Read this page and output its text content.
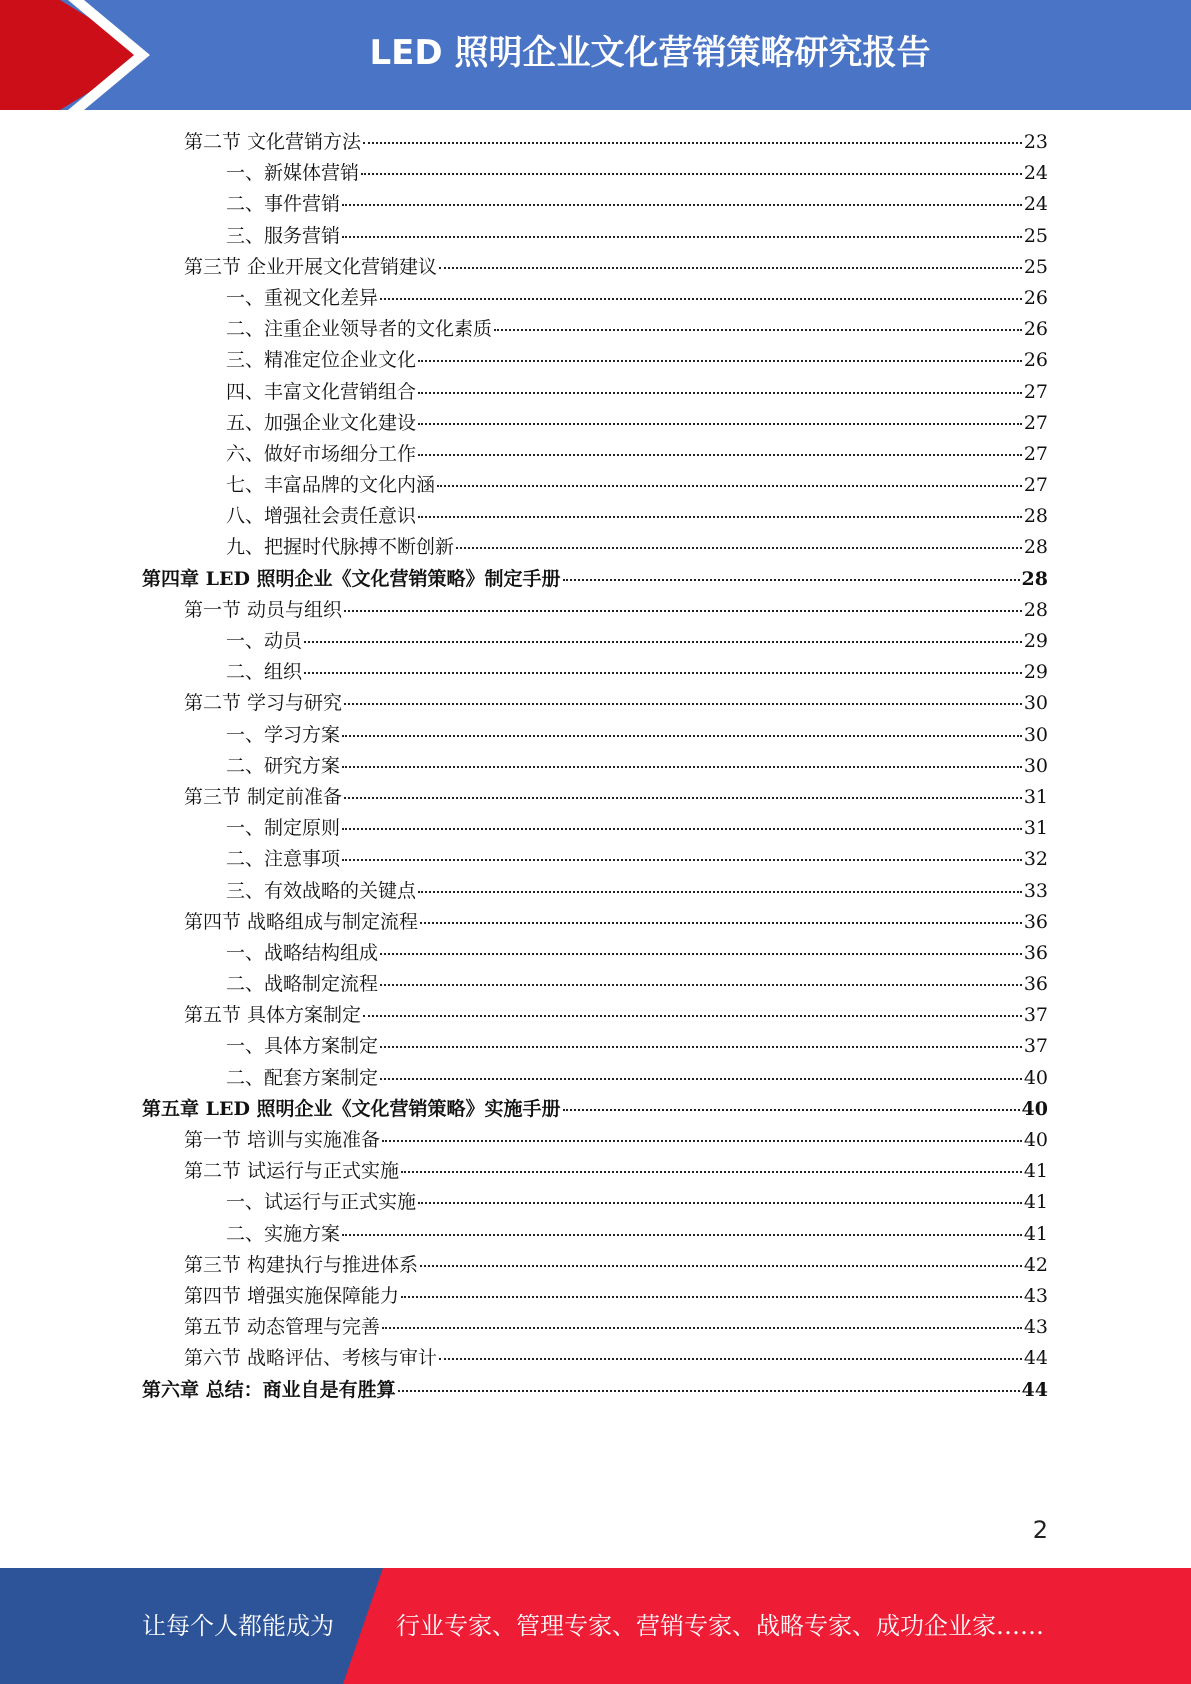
LED 照明企业文化营销策略研究报告
第二节 文化营销方法	23
一、新媒体营销	24
二、事件营销	24
三、服务营销	25
第三节 企业开展文化营销建议	25
一、重视文化差异	26
二、注重企业领导者的文化素质	26
三、精准定位企业文化	26
四、丰富文化营销组合	27
五、加强企业文化建设	27
六、做好市场细分工作	27
七、丰富品牌的文化内涵	27
八、增强社会责任意识	28
九、把握时代脉搏不断创新	28
第四章 LED 照明企业《文化营销策略》制定手册	28
第一节 动员与组织	28
一、动员	29
二、组织	29
第二节 学习与研究	30
一、学习方案	30
二、研究方案	30
第三节 制定前准备	31
一、制定原则	31
二、注意事项	32
三、有效战略的关键点	33
第四节 战略组成与制定流程	36
一、战略结构组成	36
二、战略制定流程	36
第五节 具体方案制定	37
一、具体方案制定	37
二、配套方案制定	40
第五章 LED 照明企业《文化营销策略》实施手册	40
第一节 培训与实施准备	40
第二节 试运行与正式实施	41
一、试运行与正式实施	41
二、实施方案	41
第三节 构建执行与推进体系	42
第四节 增强实施保障能力	43
第五节 动态管理与完善	43
第六节 战略评估、考核与审计	44
第六章 总结：商业自是有胜算	44
2
让每个人都能成为	行业专家、管理专家、营销专家、战略专家、成功企业家……
